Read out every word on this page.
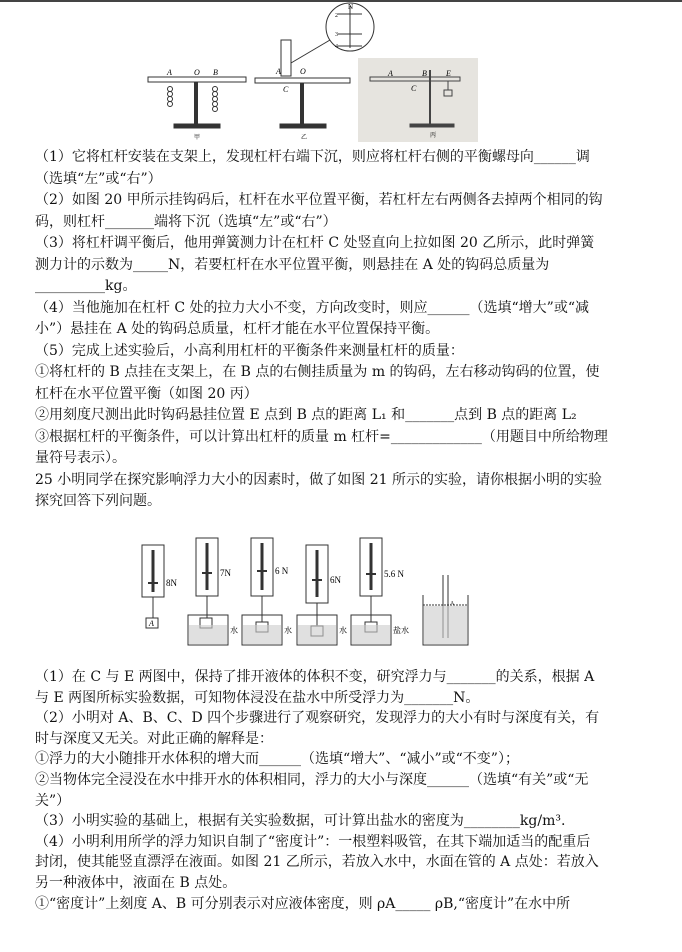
A	O B
甲
N
2
3
4
A O
C
乙
A	B E
C
丙
（1）它将杠杆安装在支架上，发现杠杆右端下沉，则应将杠杆右侧的平衡螺母向______调
（选填“左”或“右”）
（2）如图 20 甲所示挂钩码后，杠杆在水平位置平衡，若杠杆左右两侧各去掉两个相同的钩
码，则杠杆_______端将下沉（选填“左”或“右”）
（3）将杠杆调平衡后，他用弹簧测力计在杠杆 C 处竖直向上拉如图 20 乙所示，此时弹簧
测力计的示数为_____N，若要杠杆在水平位置平衡，则悬挂在 A 处的钩码总质量为
__________kg。
（4）当他施加在杠杆 C 处的拉力大小不变，方向改变时，则应______（选填“增大”或“减
小”）悬挂在 A 处的钩码总质量，杠杆才能在水平位置保持平衡。
（5）完成上述实验后，小高利用杠杆的平衡条件来测量杠杆的质量：
①将杠杆的 B 点挂在支架上，在 B 点的右侧挂质量为 m 的钩码，左右移动钩码的位置，使
杠杆在水平位置平衡（如图 20 丙）
②用刻度尺测出此时钩码悬挂位置 E 点到 B 点的距离 L₁ 和_______点到 B 点的距离 L₂
③根据杠杆的平衡条件，可以计算出杠杆的质量 m 杠杆=_____________（用题目中所给物理
量符号表示）。
25 小明同学在探究影响浮力大小的因素时，做了如图 21 所示的实验，请你根据小明的实验
探究回答下列问题。
8N
7N	6 N
6N
5.6 N
A
水	水	水	盐水
A
（1）在 C 与 E 两图中，保持了排开液体的体积不变，研究浮力与_______的关系，根据 A
与 E 两图所标实验数据，可知物体浸没在盐水中所受浮力为_______N。
（2）小明对 A、B、C、D 四个步骤进行了观察研究，发现浮力的大小有时与深度有关，有
时与深度又无关。对此正确的解释是：
①浮力的大小随排开水体积的增大而______（选填“增大”、“减小”或“不变”）；
②当物体完全浸没在水中排开水的体积相同，浮力的大小与深度______（选填“有关”或“无
关”）
（3）小明实验的基础上，根据有关实验数据，可计算出盐水的密度为________kg/m³.
（4）小明利用所学的浮力知识自制了“密度计”：一根塑料吸管，在其下端加适当的配重后
封闭，使其能竖直漂浮在液面。如图 21 乙所示，若放入水中，水面在管的 A 点处：若放入
另一种液体中，液面在 B 点处。
①“密度计”上刻度 A、B 可分别表示对应液体密度，则 ρA_____ ρB,“密度计”在水中所
